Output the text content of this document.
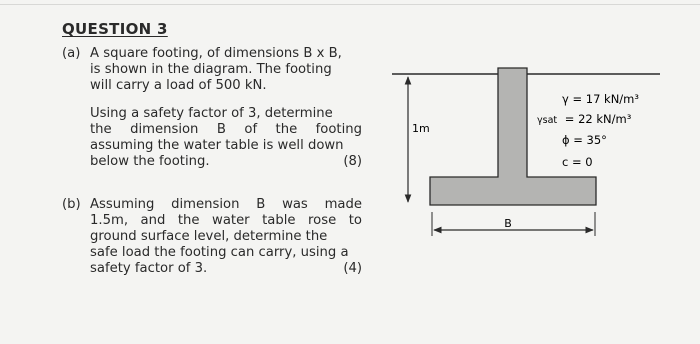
QUESTION 3
(a) A square footing, of dimensions B x B,
is shown in the diagram. The footing
will carry a load of 500 kN.
Using a safety factor of 3, determine
the dimension B of the footing
assuming the water table is well down
below the footing.	(8)
(b) Assuming dimension B was made
1.5m, and the water table rose to
ground surface level, determine the
safe load the footing can carry, using a
safety factor of 3.	(4)
1m
B
γ = 17 kN/m³
γsat = 22 kN/m³
ϕ = 35°
c = 0
